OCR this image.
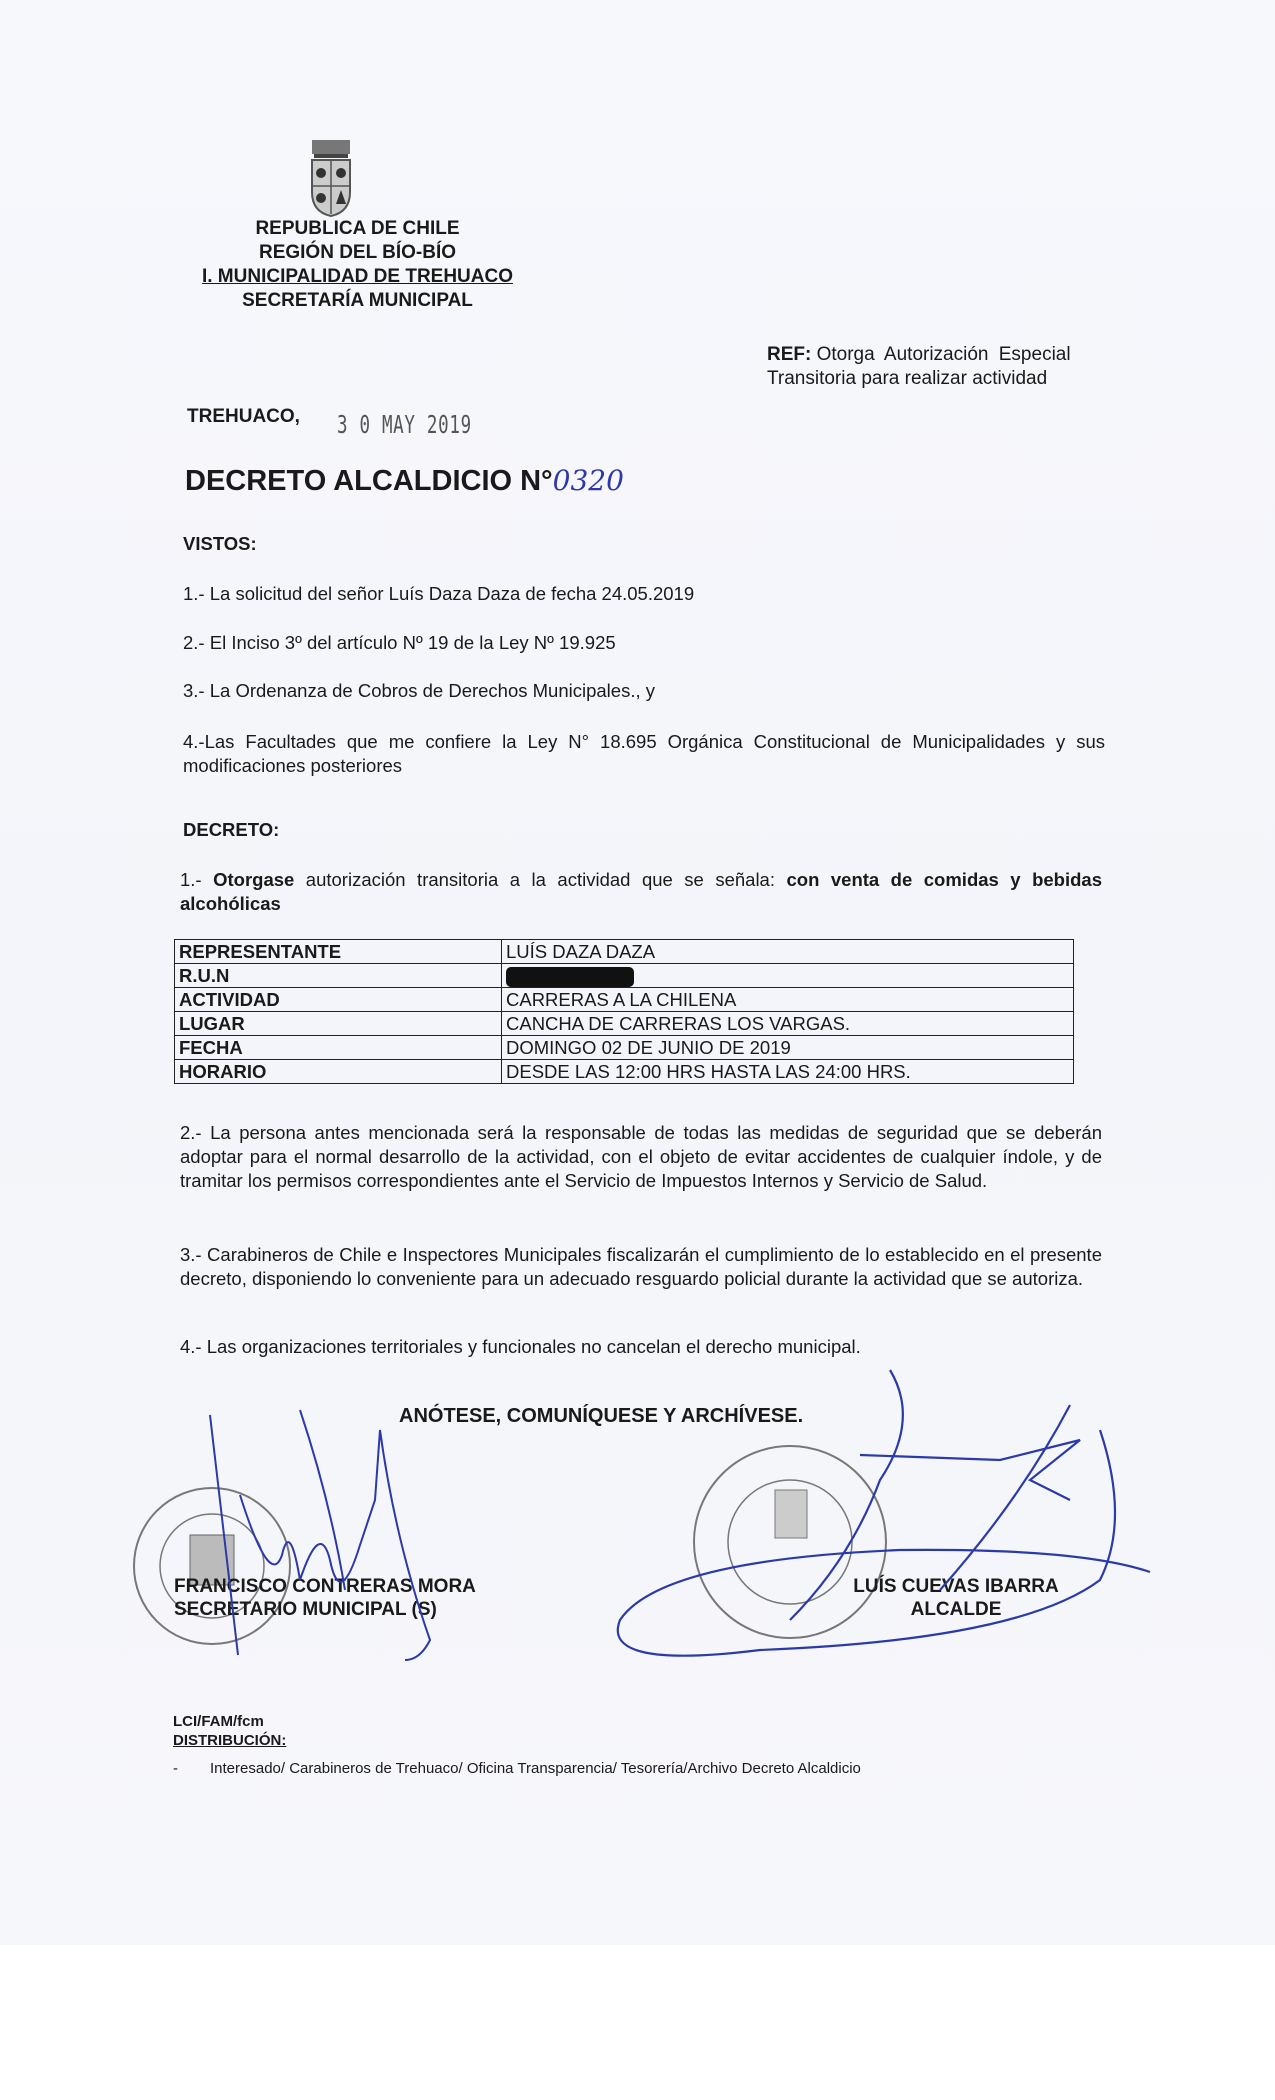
REPUBLICA DE CHILE
REGIÓN DEL BÍO-BÍO
I. MUNICIPALIDAD DE TREHUACO
SECRETARÍA MUNICIPAL
REF: Otorga Autorización Especial
Transitoria para realizar actividad
TREHUACO, 3 0 MAY 2019
DECRETO ALCALDICIO N°0320
VISTOS:
1.- La solicitud del señor Luís Daza Daza de fecha 24.05.2019
2.- El Inciso 3º del artículo Nº 19 de la Ley Nº 19.925
3.- La Ordenanza de Cobros de Derechos Municipales., y
4.-Las Facultades que me confiere la Ley N° 18.695 Orgánica Constitucional de Municipalidades y sus modificaciones posteriores
DECRETO:
1.- Otorgase autorización transitoria a la actividad que se señala: con venta de comidas y bebidas alcohólicas
REPRESENTANTE	LUÍS DAZA DAZA
R.U.N	
ACTIVIDAD	CARRERAS A LA CHILENA
LUGAR	CANCHA DE CARRERAS LOS VARGAS.
FECHA	DOMINGO 02 DE JUNIO DE 2019
HORARIO	DESDE LAS 12:00 HRS HASTA LAS 24:00 HRS.
2.- La persona antes mencionada será la responsable de todas las medidas de seguridad que se deberán adoptar para el normal desarrollo de la actividad, con el objeto de evitar accidentes de cualquier índole, y de tramitar los permisos correspondientes ante el Servicio de Impuestos Internos y Servicio de Salud.
3.- Carabineros de Chile e Inspectores Municipales fiscalizarán el cumplimiento de lo establecido en el presente decreto, disponiendo lo conveniente para un adecuado resguardo policial durante la actividad que se autoriza.
4.- Las organizaciones territoriales y funcionales no cancelan el derecho municipal.
ANÓTESE, COMUNÍQUESE Y ARCHÍVESE.
FRANCISCO CONTRERAS MORA
SECRETARIO MUNICIPAL (S)
LUÍS CUEVAS IBARRA
ALCALDE
LCI/FAM/fcm
DISTRIBUCIÓN:
- Interesado/ Carabineros de Trehuaco/ Oficina Transparencia/ Tesorería/Archivo Decreto Alcaldicio
